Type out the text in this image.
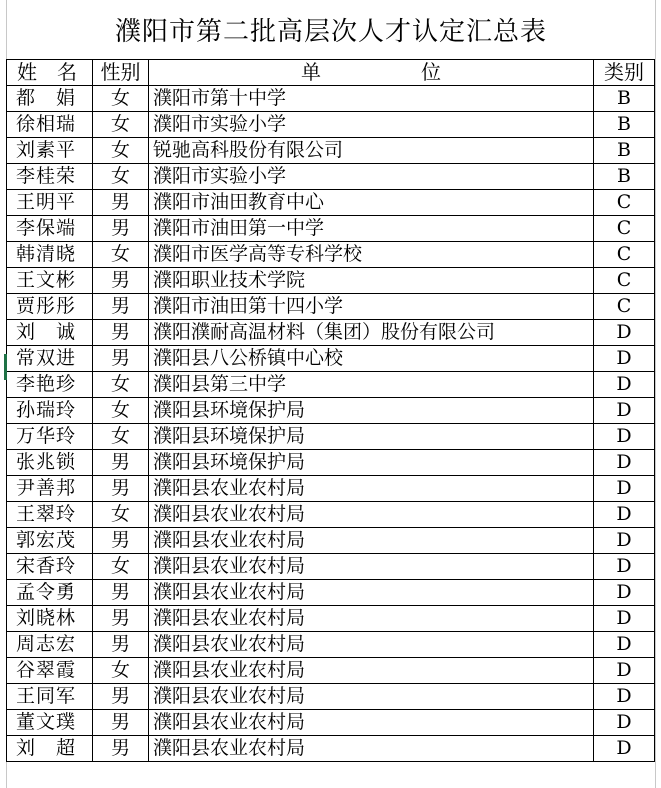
濮阳市第二批高层次人才认定汇总表
姓　名	性别	单　　　　　位	类别
都　娟	女	濮阳市第十中学	B
徐相瑞	女	濮阳市实验小学	B
刘素平	女	锐驰高科股份有限公司	B
李桂荣	女	濮阳市实验小学	B
王明平	男	濮阳市油田教育中心	C
李保端	男	濮阳市油田第一中学	C
韩清晓	女	濮阳市医学高等专科学校	C
王文彬	男	濮阳职业技术学院	C
贾彤彤	男	濮阳市油田第十四小学	C
刘　诚	男	濮阳濮耐高温材料（集团）股份有限公司	D
常双进	男	濮阳县八公桥镇中心校	D
李艳珍	女	濮阳县第三中学	D
孙瑞玲	女	濮阳县环境保护局	D
万华玲	女	濮阳县环境保护局	D
张兆锁	男	濮阳县环境保护局	D
尹善邦	男	濮阳县农业农村局	D
王翠玲	女	濮阳县农业农村局	D
郭宏茂	男	濮阳县农业农村局	D
宋香玲	女	濮阳县农业农村局	D
孟令勇	男	濮阳县农业农村局	D
刘晓林	男	濮阳县农业农村局	D
周志宏	男	濮阳县农业农村局	D
谷翠霞	女	濮阳县农业农村局	D
王同军	男	濮阳县农业农村局	D
董文璞	男	濮阳县农业农村局	D
刘　超	男	濮阳县农业农村局	D
